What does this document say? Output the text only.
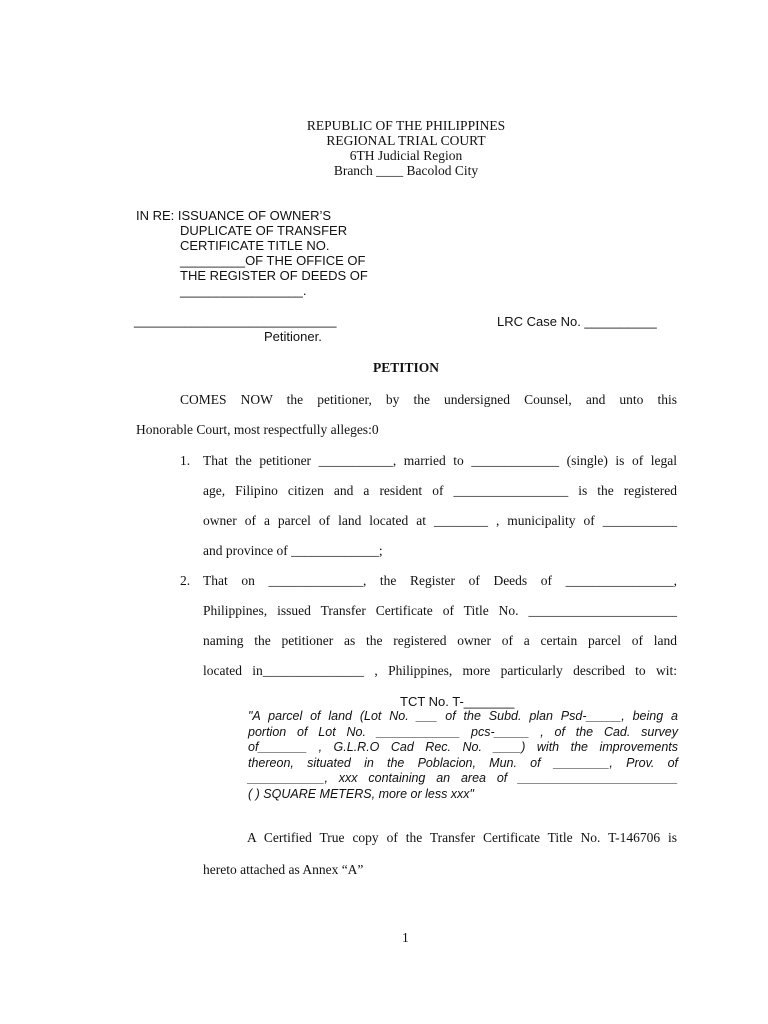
REPUBLIC OF THE PHILIPPINES
REGIONAL TRIAL COURT
6TH Judicial Region
Branch ____ Bacolod City
IN RE: ISSUANCE OF OWNER’S
DUPLICATE OF TRANSFER
CERTIFICATE TITLE NO.
_________OF THE OFFICE OF
THE REGISTER OF DEEDS OF
_________________.
____________________________
Petitioner.
LRC Case No. __________
PETITION
COMES NOW the petitioner, by the undersigned Counsel, and unto this
Honorable Court, most respectfully alleges:0
1. That the petitioner ___________, married to _____________ (single) is of legal
age, Filipino citizen and a resident of _________________ is the registered
owner of a parcel of land located at ________ , municipality of ___________
and province of _____________;
2. That on ______________, the Register of Deeds of ________________,
Philippines, issued Transfer Certificate of Title No. ______________________
naming the petitioner as the registered owner of a certain parcel of land
located in_______________ , Philippines, more particularly described to wit:
TCT No. T-_______
"A parcel of land (Lot No. ___ of the Subd. plan Psd-_____, being a
portion of Lot No. ____________ pcs-_____ , of the Cad. survey
of_______ , G.L.R.O Cad Rec. No. ____) with the improvements
thereon, situated in the Poblacion, Mun. of ________, Prov. of
___________, xxx containing an area of _______________________
( ) SQUARE METERS, more or less xxx"
A Certified True copy of the Transfer Certificate Title No. T-146706 is
hereto attached as Annex “A”
1
